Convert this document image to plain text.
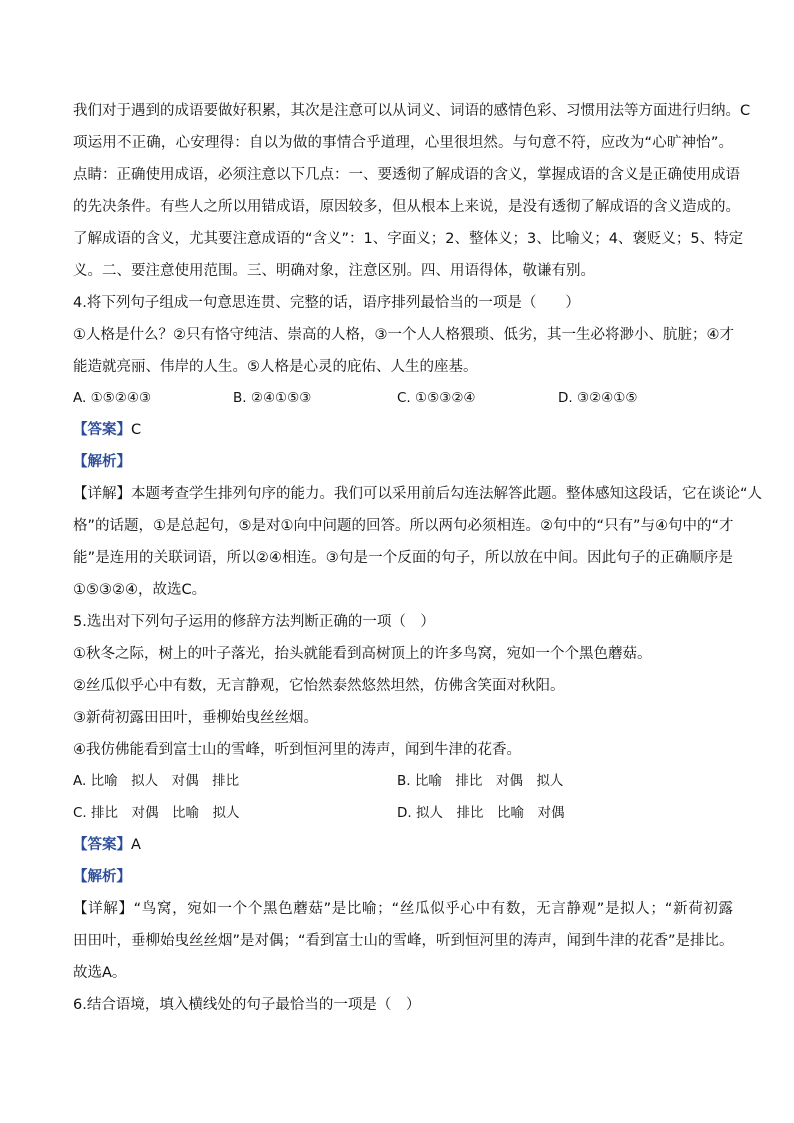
我们对于遇到的成语要做好积累，其次是注意可以从词义、词语的感情色彩、习惯用法等方面进行归纳。C
项运用不正确，心安理得：自以为做的事情合乎道理，心里很坦然。与句意不符，应改为“心旷神怡”。
点睛：正确使用成语，必须注意以下几点：一、要透彻了解成语的含义，掌握成语的含义是正确使用成语
的先决条件。有些人之所以用错成语，原因较多，但从根本上来说，是没有透彻了解成语的含义造成的。
了解成语的含义，尤其要注意成语的“含义”：1、字面义；2、整体义；3、比喻义；4、褒贬义；5、特定
义。二、要注意使用范围。三、明确对象，注意区别。四、用语得体，敬谦有别。
4.将下列句子组成一句意思连贯、完整的话，语序排列最恰当的一项是（　　）
①人格是什么？②只有恪守纯洁、崇高的人格，③一个人人格猥琐、低劣，其一生必将渺小、肮脏；④才
能造就亮丽、伟岸的人生。⑤人格是心灵的庇佑、人生的座基。
A. ①⑤②④③	B. ②④①⑤③	C. ①⑤③②④	D. ③②④①⑤
【答案】C
【解析】
【详解】本题考查学生排列句序的能力。我们可以采用前后勾连法解答此题。整体感知这段话，它在谈论“人
格”的话题，①是总起句，⑤是对①向中问题的回答。所以两句必须相连。②句中的“只有”与④句中的“才
能”是连用的关联词语，所以②④相连。③句是一个反面的句子，所以放在中间。因此句子的正确顺序是
①⑤③②④，故选C。
5.选出对下列句子运用的修辞方法判断正确的一项（　）
①秋冬之际，树上的叶子落光，抬头就能看到高树顶上的许多鸟窝，宛如一个个黑色蘑菇。
②丝瓜似乎心中有数，无言静观，它怡然泰然悠然坦然，仿佛含笑面对秋阳。
③新荷初露田田叶，垂柳始曳丝丝烟。
④我仿佛能看到富士山的雪峰，听到恒河里的涛声，闻到牛津的花香。
A. 比喻　拟人　对偶　排比	B. 比喻　排比　对偶　拟人
C. 排比　对偶　比喻　拟人	D. 拟人　排比　比喻　对偶
【答案】A
【解析】
【详解】“鸟窝，宛如一个个黑色蘑菇”是比喻；“丝瓜似乎心中有数，无言静观”是拟人；“新荷初露
田田叶，垂柳始曳丝丝烟”是对偶；“看到富士山的雪峰，听到恒河里的涛声，闻到牛津的花香”是排比。
故选A。
6.结合语境，填入横线处的句子最恰当的一项是（　）
